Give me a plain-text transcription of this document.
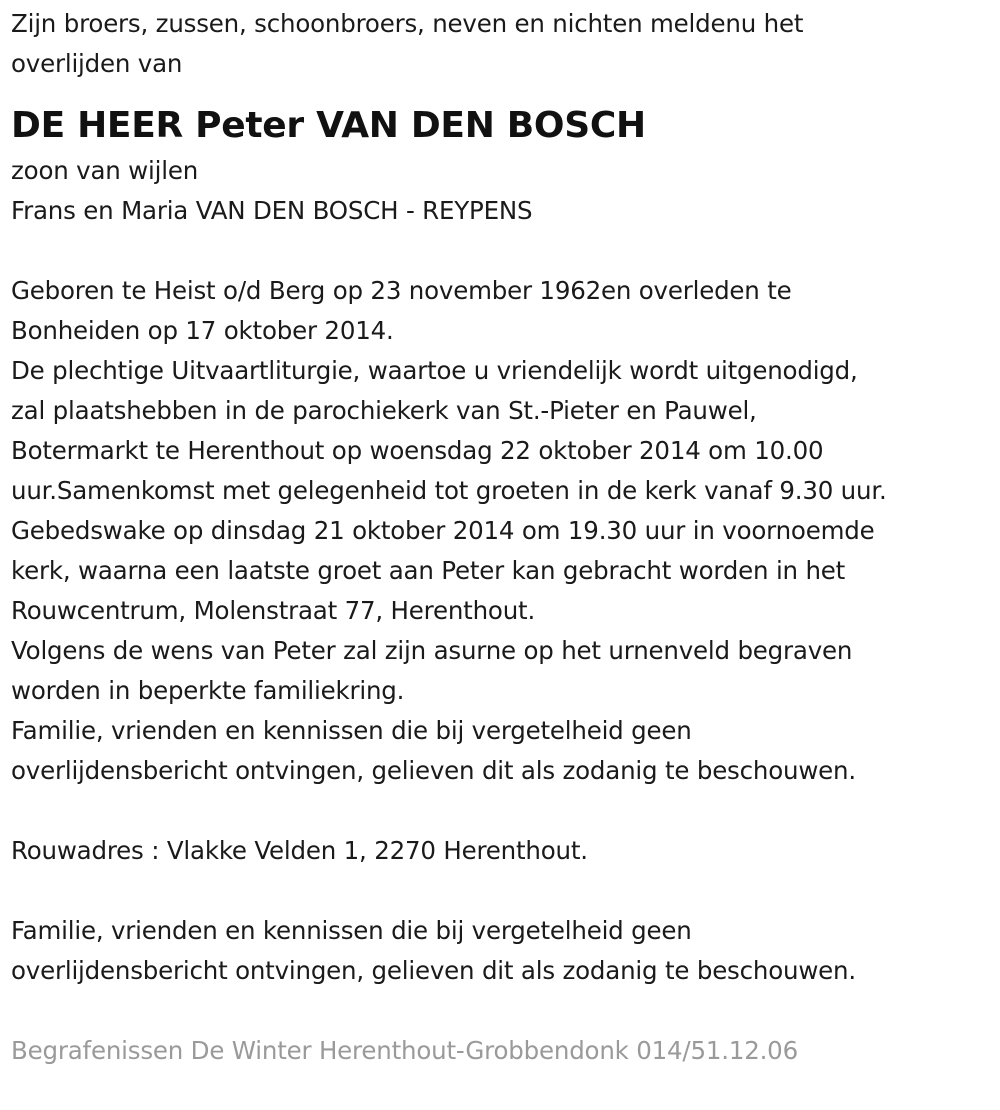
Zijn broers, zussen, schoonbroers, neven en nichten meldenu het
overlijden van
DE HEER Peter VAN DEN BOSCH
zoon van wijlen
Frans en Maria VAN DEN BOSCH - REYPENS
Geboren te Heist o/d Berg op 23 november 1962en overleden te
Bonheiden op 17 oktober 2014.
De plechtige Uitvaartliturgie, waartoe u vriendelijk wordt uitgenodigd,
zal plaatshebben in de parochiekerk van St.-Pieter en Pauwel,
Botermarkt te Herenthout op woensdag 22 oktober 2014 om 10.00
uur.Samenkomst met gelegenheid tot groeten in de kerk vanaf 9.30 uur.
Gebedswake op dinsdag 21 oktober 2014 om 19.30 uur in voornoemde
kerk, waarna een laatste groet aan Peter kan gebracht worden in het
Rouwcentrum, Molenstraat 77, Herenthout.
Volgens de wens van Peter zal zijn asurne op het urnenveld begraven
worden in beperkte familiekring.
Familie, vrienden en kennissen die bij vergetelheid geen
overlijdensbericht ontvingen, gelieven dit als zodanig te beschouwen.
Rouwadres : Vlakke Velden 1, 2270 Herenthout.
Familie, vrienden en kennissen die bij vergetelheid geen
overlijdensbericht ontvingen, gelieven dit als zodanig te beschouwen.
Begrafenissen De Winter Herenthout-Grobbendonk 014/51.12.06
